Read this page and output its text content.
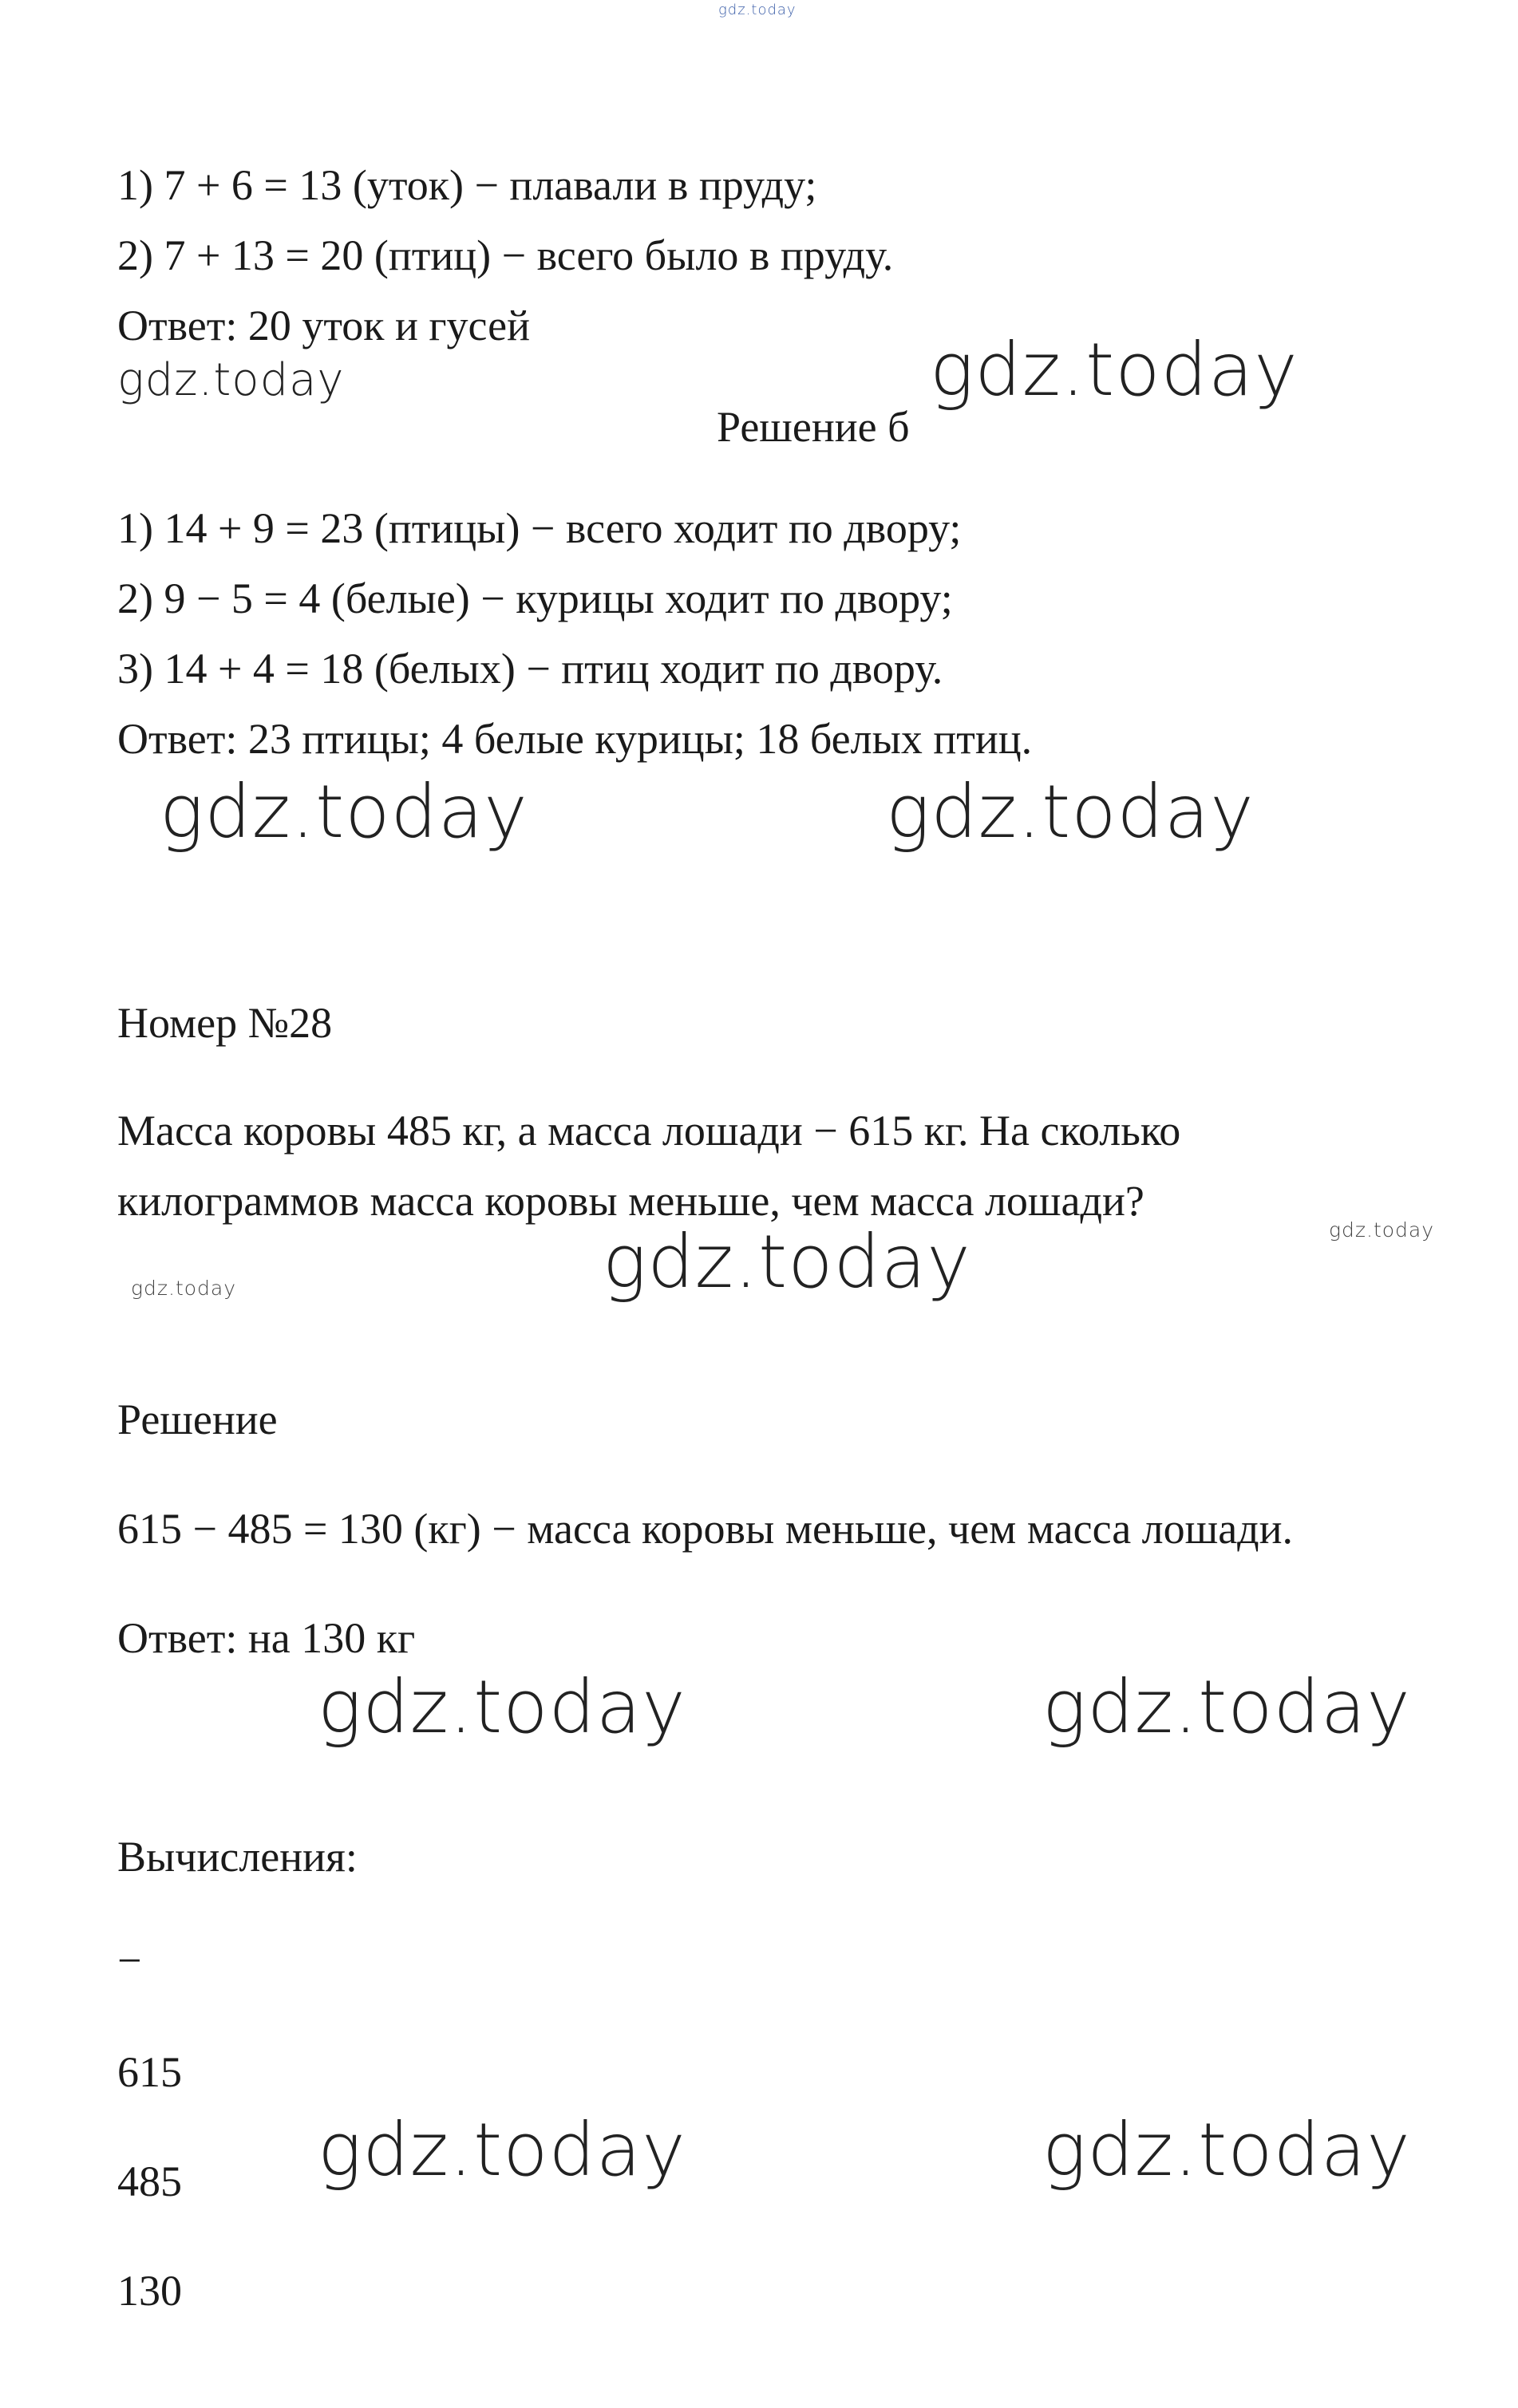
gdz.today
1) 7 + 6 = 13 (уток) − плавали в пруду;
2) 7 + 13 = 20 (птиц) − всего было в пруду.
Ответ: 20 уток и гусей
gdz.today	gdz.today
Решение б
1) 14 + 9 = 23 (птицы) − всего ходит по двору;
2) 9 − 5 = 4 (белые) − курицы ходит по двору;
3) 14 + 4 = 18 (белых) − птиц ходит по двору.
Ответ: 23 птицы; 4 белые курицы; 18 белых птиц.
gdz.today	gdz.today
Номер №28
Масса коровы 485 кг, а масса лошади − 615 кг. На сколько
килограммов масса коровы меньше, чем масса лошади?
gdz.today
gdz.today	gdz.today
Решение
615 − 485 = 130 (кг) − масса коровы меньше, чем масса лошади.
Ответ: на 130 кг
gdz.today	gdz.today
Вычисления:
−
615
485
130
gdz.today	gdz.today
